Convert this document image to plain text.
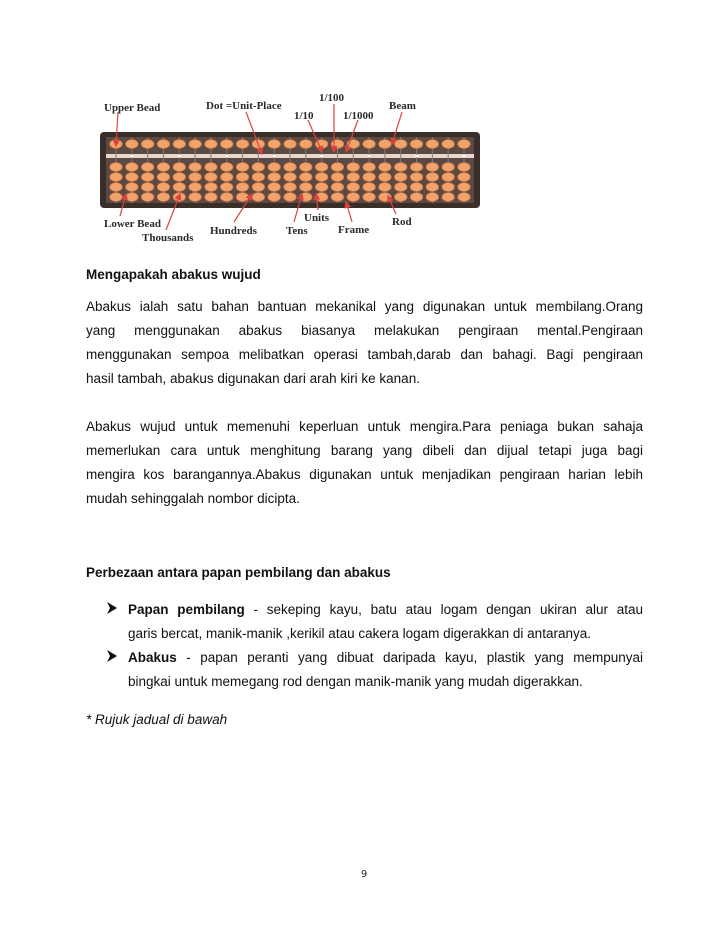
Upper Bead	Dot =Unit-Place
1/100
1/10	1/1000
Beam
Lower Bead
Thousands
Hundreds	Tens
Units
Frame
Rod
Mengapakah abakus wujud
Abakus ialah satu bahan bantuan mekanikal yang digunakan untuk membilang.Orang
yang menggunakan abakus biasanya melakukan pengiraan mental.Pengiraan
menggunakan sempoa melibatkan operasi tambah,darab dan bahagi. Bagi pengiraan
hasil tambah, abakus digunakan dari arah kiri ke kanan.
Abakus wujud untuk memenuhi keperluan untuk mengira.Para peniaga bukan sahaja
memerlukan cara untuk menghitung barang yang dibeli dan dijual tetapi juga bagi
mengira kos barangannya.Abakus digunakan untuk menjadikan pengiraan harian lebih
mudah sehinggalah nombor dicipta.
Perbezaan antara papan pembilang dan abakus
Papan pembilang - sekeping kayu, batu atau logam dengan ukiran alur atau
garis bercat, manik-manik ,kerikil atau cakera logam digerakkan di antaranya.
Abakus - papan peranti yang dibuat daripada kayu, plastik yang mempunyai
bingkai untuk memegang rod dengan manik-manik yang mudah digerakkan.
* Rujuk jadual di bawah
9
